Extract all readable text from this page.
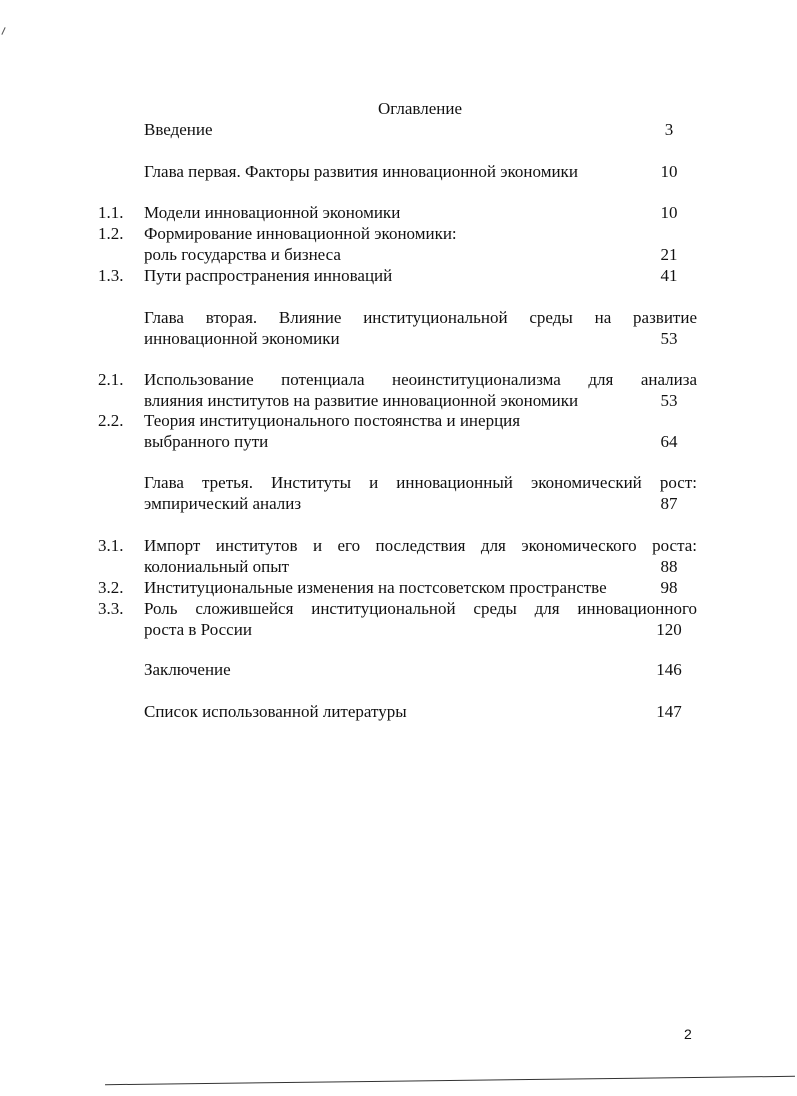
Оглавление
Введение	3
Глава первая. Факторы развития инновационной экономики	10
1.1. Модели инновационной экономики	10
1.2. Формирование инновационной экономики:
роль государства и бизнеса	21
1.3. Пути распространения инноваций	41
Глава вторая. Влияние институциональной среды на развитие
инновационной экономики	53
2.1. Использование потенциала неоинституционализма для анализа
влияния институтов на развитие инновационной экономики	53
2.2. Теория институционального постоянства и инерция
выбранного пути	64
Глава третья. Институты и инновационный экономический рост:
эмпирический анализ	87
3.1. Импорт институтов и его последствия для экономического роста:
колониальный опыт	88
3.2. Институциональные изменения на постсоветском пространстве	98
3.3. Роль сложившейся институциональной среды для инновационного
роста в России	120
Заключение	146
Список использованной литературы	147
2
